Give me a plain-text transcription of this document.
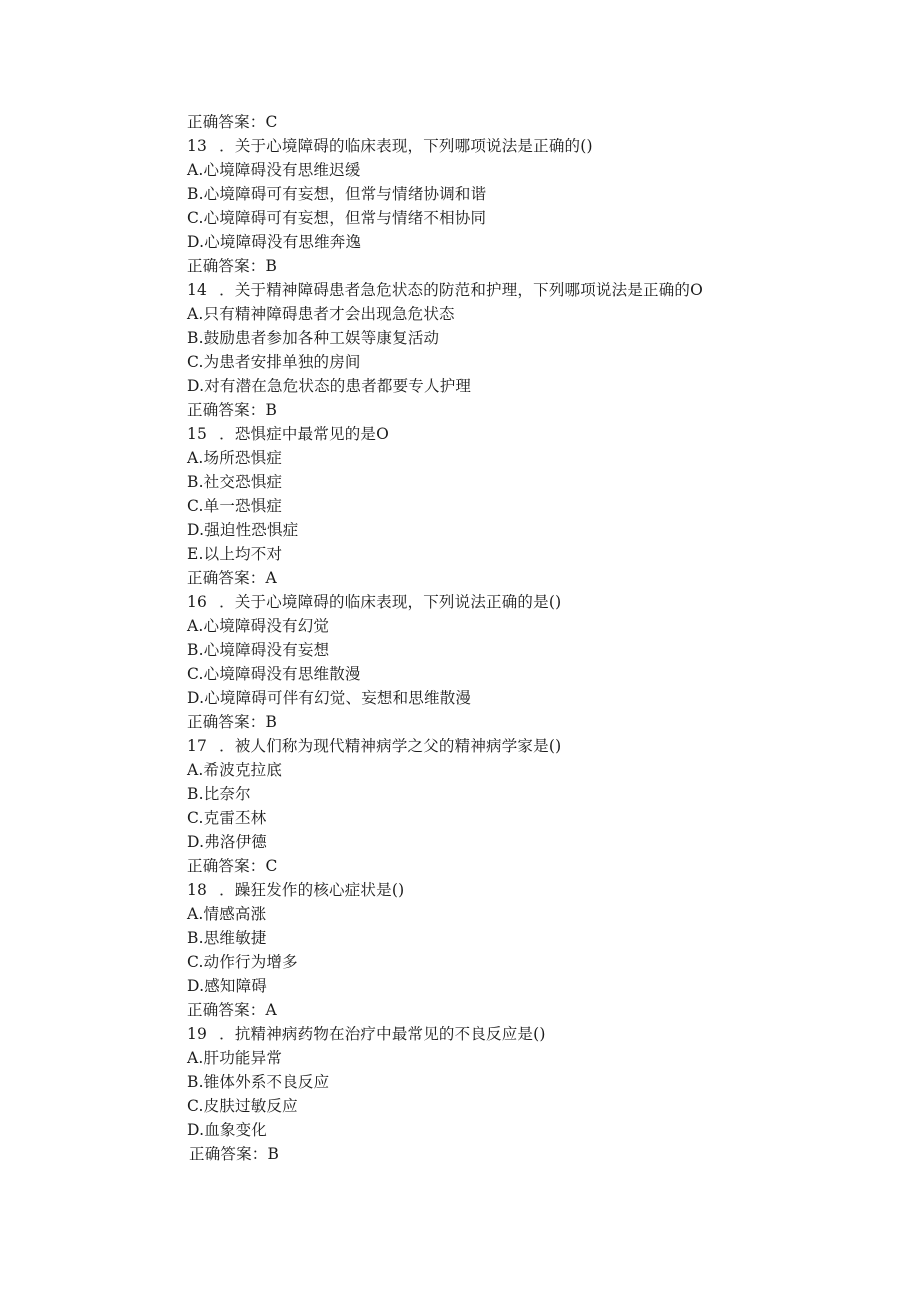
正确答案：C
13 ．关于心境障碍的临床表现，下列哪项说法是正确的()
A.心境障碍没有思维迟缓
B.心境障碍可有妄想，但常与情绪协调和谐
C.心境障碍可有妄想，但常与情绪不相协同
D.心境障碍没有思维奔逸
正确答案：B
14 ．关于精神障碍患者急危状态的防范和护理，下列哪项说法是正确的O
A.只有精神障碍患者才会出现急危状态
B.鼓励患者参加各种工娱等康复活动
C.为患者安排单独的房间
D.对有潜在急危状态的患者都要专人护理
正确答案：B
15 ．恐惧症中最常见的是O
A.场所恐惧症
B.社交恐惧症
C.单一恐惧症
D.强迫性恐惧症
E.以上均不对
正确答案：A
16 ．关于心境障碍的临床表现，下列说法正确的是()
A.心境障碍没有幻觉
B.心境障碍没有妄想
C.心境障碍没有思维散漫
D.心境障碍可伴有幻觉、妄想和思维散漫
正确答案：B
17 ．被人们称为现代精神病学之父的精神病学家是()
A.希波克拉底
B.比奈尔
C.克雷丕林
D.弗洛伊德
正确答案：C
18 ．躁狂发作的核心症状是()
A.情感高涨
B.思维敏捷
C.动作行为增多
D.感知障碍
正确答案：A
19 ．抗精神病药物在治疗中最常见的不良反应是()
A.肝功能异常
B.锥体外系不良反应
C.皮肤过敏反应
D.血象变化
正确答案：B
